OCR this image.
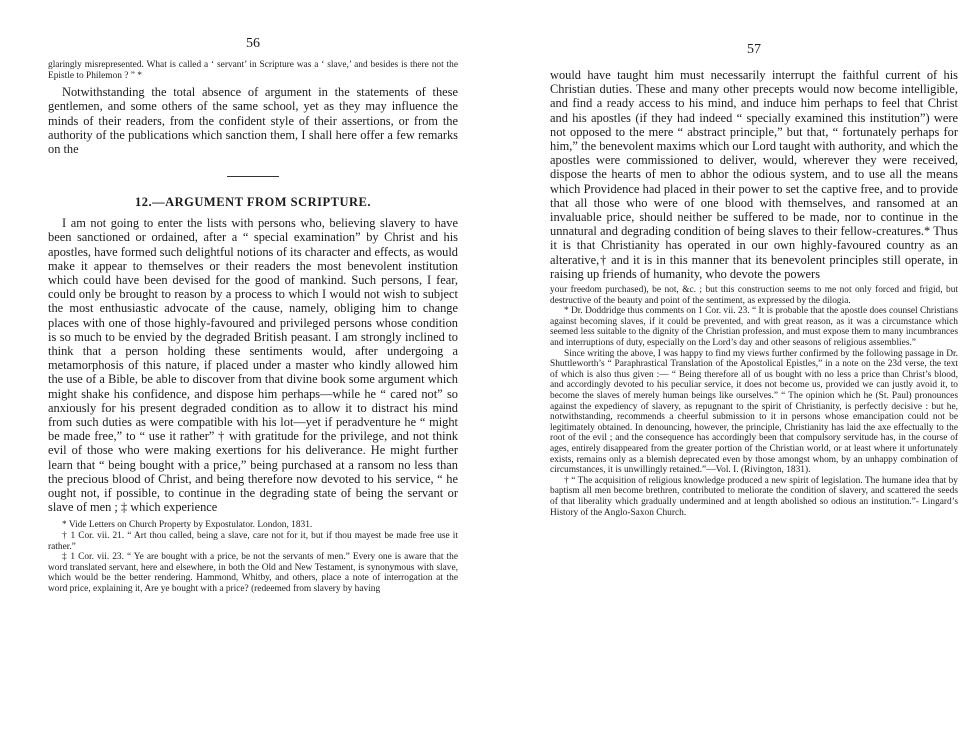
56

glaringly misrepresented. What is called a ‘ servant’ in Scripture was a ‘ slave,’ and besides is there not the Epistle to Philemon ? ” *

Notwithstanding the total absence of argument in the statements of these gentlemen, and some others of the same school, yet as they may influence the minds of their readers, from the confident style of their assertions, or from the authority of the publications which sanction them, I shall here offer a few remarks on the

12.—ARGUMENT FROM SCRIPTURE.

I am not going to enter the lists with persons who, believing slavery to have been sanctioned or ordained, after a “ special examination” by Christ and his apostles, have formed such delightful notions of its character and effects, as would make it appear to themselves or their readers the most benevolent institution which could have been devised for the good of mankind. Such persons, I fear, could only be brought to reason by a process to which I would not wish to subject the most enthusiastic advocate of the cause, namely, obliging him to change places with one of those highly-favoured and privileged persons whose condition is so much to be envied by the degraded British peasant. I am strongly inclined to think that a person holding these sentiments would, after undergoing a metamorphosis of this nature, if placed under a master who kindly allowed him the use of a Bible, be able to discover from that divine book some argument which might shake his confidence, and dispose him perhaps—while he “ cared not” so anxiously for his present degraded condition as to allow it to distract his mind from such duties as were compatible with his lot—yet if peradventure he “ might be made free,” to “ use it rather” † with gratitude for the privilege, and not think evil of those who were making exertions for his deliverance. He might further learn that “ being bought with a price,” being purchased at a ransom no less than the precious blood of Christ, and being therefore now devoted to his service, “ he ought not, if possible, to continue in the degrading state of being the servant or slave of men ; ‡ which experience

* Vide Letters on Church Property by Expostulator. London, 1831.

† 1 Cor. vii. 21. “ Art thou called, being a slave, care not for it, but if thou mayest be made free use it rather.”

‡ 1 Cor. vii. 23. “ Ye are bought with a price, be not the servants of men.” Every one is aware that the word translated servant, here and elsewhere, in both the Old and New Testament, is synonymous with slave, which would be the better rendering. Hammond, Whitby, and others, place a note of interrogation at the word price, explaining it, Are ye bought with a price? (redeemed from slavery by having

57

would have taught him must necessarily interrupt the faithful current of his Christian duties. These and many other precepts would now become intelligible, and find a ready access to his mind, and induce him perhaps to feel that Christ and his apostles (if they had indeed “ specially examined this institution”) were not opposed to the mere “ abstract principle,” but that, “ fortunately perhaps for him,” the benevolent maxims which our Lord taught with authority, and which the apostles were commissioned to deliver, would, wherever they were received, dispose the hearts of men to abhor the odious system, and to use all the means which Providence had placed in their power to set the captive free, and to provide that all those who were of one blood with themselves, and ransomed at an invaluable price, should neither be suffered to be made, nor to continue in the unnatural and degrading condition of being slaves to their fellow-creatures.* Thus it is that Christianity has operated in our own highly-favoured country as an alterative,† and it is in this manner that its benevolent principles still operate, in raising up friends of humanity, who devote the powers

your freedom purchased), be not, &c. ; but this construction seems to me not only forced and frigid, but destructive of the beauty and point of the sentiment, as expressed by the dilogia.

* Dr. Doddridge thus comments on 1 Cor. vii. 23. “ It is probable that the apostle does counsel Christians against becoming slaves, if it could be prevented, and with great reason, as it was a circumstance which seemed less suitable to the dignity of the Christian profession, and must expose them to many incumbrances and interruptions of duty, especially on the Lord’s day and other seasons of religious assemblies.”

Since writing the above, I was happy to find my views further confirmed by the following passage in Dr. Shuttleworth’s “ Paraphrastical Translation of the Apostolical Epistles,” in a note on the 23d verse, the text of which is also thus given :— “ Being therefore all of us bought with no less a price than Christ’s blood, and accordingly devoted to his peculiar service, it does not become us, provided we can justly avoid it, to become the slaves of merely human beings like ourselves.” “ The opinion which he (St. Paul) pronounces against the expediency of slavery, as repugnant to the spirit of Christianity, is perfectly decisive : but he, notwithstanding, recommends a cheerful submission to it in persons whose emancipation could not be legitimately obtained. In denouncing, however, the principle, Christianity has laid the axe effectually to the root of the evil ; and the consequence has accordingly been that compulsory servitude has, in the course of ages, entirely disappeared from the greater portion of the Christian world, or at least where it unfortunately exists, remains only as a blemish deprecated even by those amongst whom, by an unhappy combination of circumstances, it is unwillingly retained.”—Vol. I. (Rivington, 1831).

† “ The acquisition of religious knowledge produced a new spirit of legislation. The humane idea that by baptism all men become brethren, contributed to meliorate the condition of slavery, and scattered the seeds of that liberality which gradually undermined and at length abolished so odious an institution.”- Lingard’s History of the Anglo-Saxon Church.
